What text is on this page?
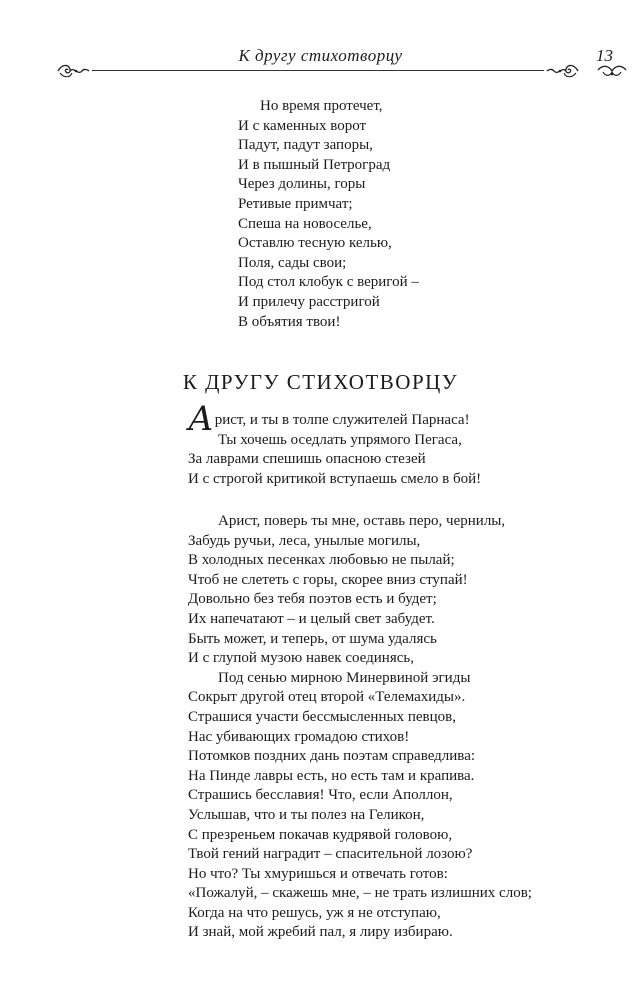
К другу стихотворцу	13
Но время протечет,
И с каменных ворот
Падут, падут запоры,
И в пышный Петроград
Через долины, горы
Ретивые примчат;
Спеша на новоселье,
Оставлю тесную келью,
Поля, сады свои;
Под стол клобук с веригой –
И прилечу расстригой
В объятия твои!
К ДРУГУ СТИХОТВОРЦУ
Арист, и ты в толпе служителей Парнаса!
Ты хочешь оседлать упрямого Пегаса,
За лаврами спешишь опасною стезей
И с строгой критикой вступаешь смело в бой!
Арист, поверь ты мне, оставь перо, чернилы,
Забудь ручьи, леса, унылые могилы,
В холодных песенках любовью не пылай;
Чтоб не слететь с горы, скорее вниз ступай!
Довольно без тебя поэтов есть и будет;
Их напечатают – и целый свет забудет.
Быть может, и теперь, от шума удалясь
И с глупой музою навек соединясь,
Под сенью мирною Минервиной эгиды
Сокрыт другой отец второй «Телемахиды».
Страшися участи бессмысленных певцов,
Нас убивающих громадою стихов!
Потомков поздних дань поэтам справедлива:
На Пинде лавры есть, но есть там и крапива.
Страшись бесславия! Что, если Аполлон,
Услышав, что и ты полез на Геликон,
С презреньем покачав кудрявой головою,
Твой гений наградит – спасительной лозою?
Но что? Ты хмуришься и отвечать готов:
«Пожалуй, – скажешь мне, – не трать излишних слов;
Когда на что решусь, уж я не отступаю,
И знай, мой жребий пал, я лиру избираю.
